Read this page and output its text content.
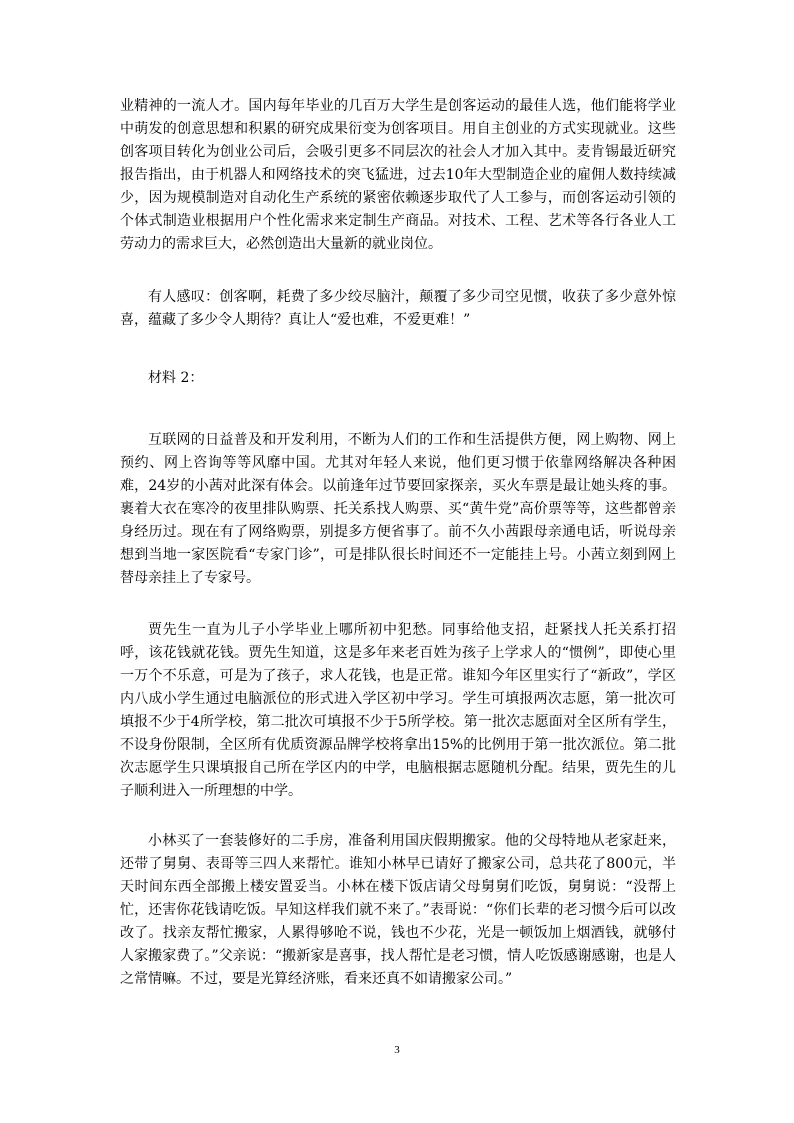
业精神的一流人才。国内每年毕业的几百万大学生是创客运动的最佳人选，他们能将学业中萌发的创意思想和积累的研究成果衍变为创客项目。用自主创业的方式实现就业。这些创客项目转化为创业公司后，会吸引更多不同层次的社会人才加入其中。麦肯锡最近研究报告指出，由于机器人和网络技术的突飞猛进，过去10年大型制造企业的雇佣人数持续减少，因为规模制造对自动化生产系统的紧密依赖逐步取代了人工参与，而创客运动引领的个体式制造业根据用户个性化需求来定制生产商品。对技术、工程、艺术等各行各业人工劳动力的需求巨大，必然创造出大量新的就业岗位。

有人感叹：创客啊，耗费了多少绞尽脑汁，颠覆了多少司空见惯，收获了多少意外惊喜，蕴藏了多少令人期待？真让人“爱也难，不爱更难！”

材料 2：

互联网的日益普及和开发利用，不断为人们的工作和生活提供方便，网上购物、网上预约、网上咨询等等风靡中国。尤其对年轻人来说，他们更习惯于依靠网络解决各种困难，24岁的小茜对此深有体会。以前逢年过节要回家探亲，买火车票是最让她头疼的事。裹着大衣在寒冷的夜里排队购票、托关系找人购票、买“黄牛党”高价票等等，这些都曾亲身经历过。现在有了网络购票，别提多方便省事了。前不久小茜跟母亲通电话，听说母亲想到当地一家医院看“专家门诊”，可是排队很长时间还不一定能挂上号。小茜立刻到网上替母亲挂上了专家号。

贾先生一直为儿子小学毕业上哪所初中犯愁。同事给他支招，赶紧找人托关系打招呼，该花钱就花钱。贾先生知道，这是多年来老百姓为孩子上学求人的“惯例”，即使心里一万个不乐意，可是为了孩子，求人花钱，也是正常。谁知今年区里实行了“新政”，学区内八成小学生通过电脑派位的形式进入学区初中学习。学生可填报两次志愿，第一批次可填报不少于4所学校，第二批次可填报不少于5所学校。第一批次志愿面对全区所有学生，不设身份限制，全区所有优质资源品牌学校将拿出15%的比例用于第一批次派位。第二批次志愿学生只课填报自己所在学区内的中学，电脑根据志愿随机分配。结果，贾先生的儿子顺利进入一所理想的中学。

小林买了一套装修好的二手房，准备利用国庆假期搬家。他的父母特地从老家赶来，还带了舅舅、表哥等三四人来帮忙。谁知小林早已请好了搬家公司，总共花了800元，半天时间东西全部搬上楼安置妥当。小林在楼下饭店请父母舅舅们吃饭，舅舅说：“没帮上忙，还害你花钱请吃饭。早知这样我们就不来了。”表哥说：“你们长辈的老习惯今后可以改改了。找亲友帮忙搬家，人累得够呛不说，钱也不少花，光是一顿饭加上烟酒钱，就够付人家搬家费了。”父亲说：“搬新家是喜事，找人帮忙是老习惯，情人吃饭感谢感谢，也是人之常情嘛。不过，要是光算经济账，看来还真不如请搬家公司。”

3
